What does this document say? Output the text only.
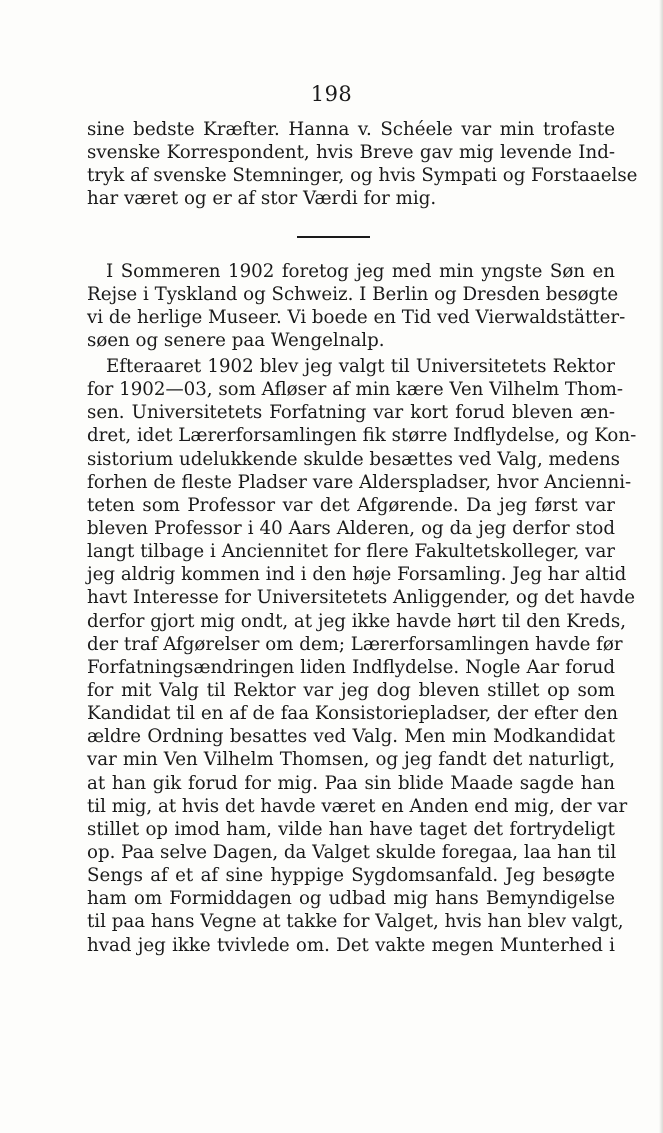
198
sine bedste Kræfter. Hanna v. Schéele var min trofaste
svenske Korrespondent, hvis Breve gav mig levende Ind-
tryk af svenske Stemninger, og hvis Sympati og Forstaaelse
har været og er af stor Værdi for mig.
I Sommeren 1902 foretog jeg med min yngste Søn en
Rejse i Tyskland og Schweiz. I Berlin og Dresden besøgte
vi de herlige Museer. Vi boede en Tid ved Vierwaldstätter-
søen og senere paa Wengelnalp.
Efteraaret 1902 blev jeg valgt til Universitetets Rektor
for 1902—03, som Afløser af min kære Ven Vilhelm Thom-
sen. Universitetets Forfatning var kort forud bleven æn-
dret, idet Lærerforsamlingen fik større Indflydelse, og Kon-
sistorium udelukkende skulde besættes ved Valg, medens
forhen de fleste Pladser vare Alderspladser, hvor Ancienni-
teten som Professor var det Afgørende. Da jeg først var
bleven Professor i 40 Aars Alderen, og da jeg derfor stod
langt tilbage i Anciennitet for flere Fakultetskolleger, var
jeg aldrig kommen ind i den høje Forsamling. Jeg har altid
havt Interesse for Universitetets Anliggender, og det havde
derfor gjort mig ondt, at jeg ikke havde hørt til den Kreds,
der traf Afgørelser om dem; Lærerforsamlingen havde før
Forfatningsændringen liden Indflydelse. Nogle Aar forud
for mit Valg til Rektor var jeg dog bleven stillet op som
Kandidat til en af de faa Konsistoriepladser, der efter den
ældre Ordning besattes ved Valg. Men min Modkandidat
var min Ven Vilhelm Thomsen, og jeg fandt det naturligt,
at han gik forud for mig. Paa sin blide Maade sagde han
til mig, at hvis det havde været en Anden end mig, der var
stillet op imod ham, vilde han have taget det fortrydeligt
op. Paa selve Dagen, da Valget skulde foregaa, laa han til
Sengs af et af sine hyppige Sygdomsanfald. Jeg besøgte
ham om Formiddagen og udbad mig hans Bemyndigelse
til paa hans Vegne at takke for Valget, hvis han blev valgt,
hvad jeg ikke tvivlede om. Det vakte megen Munterhed i
